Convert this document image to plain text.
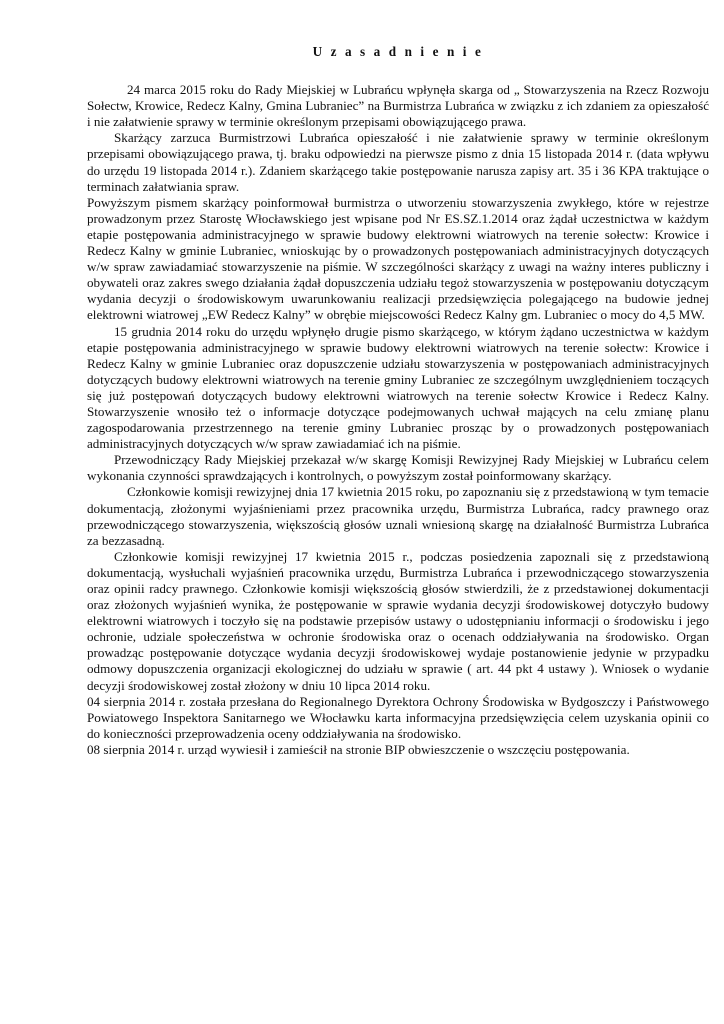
U z a s a d n i e n i e

24 marca 2015 roku do Rady Miejskiej w Lubrańcu wpłynęła skarga od „ Stowarzyszenia na Rzecz Rozwoju Sołectw, Krowice, Redecz Kalny, Gmina Lubraniec” na Burmistrza Lubrańca w związku z ich zdaniem za opieszałość i nie załatwienie sprawy w terminie określonym przepisami obowiązującego prawa.

Skarżący zarzuca Burmistrzowi Lubrańca opieszałość i nie załatwienie sprawy w terminie określonym przepisami obowiązującego prawa, tj. braku odpowiedzi na pierwsze pismo z dnia 15 listopada 2014 r. (data wpływu do urzędu 19 listopada 2014 r.). Zdaniem skarżącego takie postępowanie narusza zapisy art. 35 i 36 KPA traktujące o terminach załatwiania spraw.

Powyższym pismem skarżący poinformował burmistrza o utworzeniu stowarzyszenia zwykłego, które w rejestrze prowadzonym przez Starostę Włocławskiego jest wpisane pod Nr ES.SZ.1.2014 oraz żądał uczestnictwa w każdym etapie postępowania administracyjnego w sprawie budowy elektrowni wiatrowych na terenie sołectw: Krowice i Redecz Kalny w gminie Lubraniec, wnioskując by o prowadzonych postępowaniach administracyjnych dotyczących w/w spraw zawiadamiać stowarzyszenie na piśmie. W szczególności skarżący z uwagi na ważny interes publiczny i obywateli oraz zakres swego działania żądał dopuszczenia udziału tegoż stowarzyszenia w postępowaniu dotyczącym wydania decyzji o środowiskowym uwarunkowaniu realizacji przedsięwzięcia polegającego na budowie jednej elektrowni wiatrowej „EW Redecz Kalny” w obrębie miejscowości Redecz Kalny gm. Lubraniec o mocy do 4,5 MW.

15 grudnia 2014 roku do urzędu wpłynęło drugie pismo skarżącego, w którym żądano uczestnictwa w każdym etapie postępowania administracyjnego w sprawie budowy elektrowni wiatrowych na terenie sołectw: Krowice i Redecz Kalny w gminie Lubraniec oraz dopuszczenie udziału stowarzyszenia w postępowaniach administracyjnych dotyczących budowy elektrowni wiatrowych na terenie gminy Lubraniec ze szczególnym uwzględnieniem toczących się już postępowań dotyczących budowy elektrowni wiatrowych na terenie sołectw Krowice i Redecz Kalny. Stowarzyszenie wnosiło też o informacje dotyczące podejmowanych uchwał mających na celu zmianę planu zagospodarowania przestrzennego na terenie gminy Lubraniec prosząc by o prowadzonych postępowaniach administracyjnych dotyczących w/w spraw zawiadamiać ich na piśmie.

Przewodniczący Rady Miejskiej przekazał w/w skargę Komisji Rewizyjnej Rady Miejskiej w Lubrańcu celem wykonania czynności sprawdzających i kontrolnych, o powyższym został poinformowany skarżący.

Członkowie komisji rewizyjnej dnia 17 kwietnia 2015 roku, po zapoznaniu się z przedstawioną w tym temacie dokumentacją, złożonymi wyjaśnieniami przez pracownika urzędu, Burmistrza Lubrańca, radcy prawnego oraz przewodniczącego stowarzyszenia, większością głosów uznali wniesioną skargę na działalność Burmistrza Lubrańca za bezzasadną.

Członkowie komisji rewizyjnej 17 kwietnia 2015 r., podczas posiedzenia zapoznali się z przedstawioną dokumentacją, wysłuchali wyjaśnień pracownika urzędu, Burmistrza Lubrańca i przewodniczącego stowarzyszenia oraz opinii radcy prawnego. Członkowie komisji większością głosów stwierdzili, że z przedstawionej dokumentacji oraz złożonych wyjaśnień wynika, że postępowanie w sprawie wydania decyzji środowiskowej dotyczyło budowy elektrowni wiatrowych i toczyło się na podstawie przepisów ustawy o udostępnianiu informacji o środowisku i jego ochronie, udziale społeczeństwa w ochronie środowiska oraz o ocenach oddziaływania na środowisko. Organ prowadząc postępowanie dotyczące wydania decyzji środowiskowej wydaje postanowienie jedynie w przypadku odmowy dopuszczenia organizacji ekologicznej do udziału w sprawie ( art. 44 pkt 4 ustawy ). Wniosek o wydanie decyzji środowiskowej został złożony w dniu 10 lipca 2014 roku.

04 sierpnia 2014 r. została przesłana do Regionalnego Dyrektora Ochrony Środowiska w Bydgoszczy i Państwowego Powiatowego Inspektora Sanitarnego we Włocławku karta informacyjna przedsięwzięcia celem uzyskania opinii co do konieczności przeprowadzenia oceny oddziaływania na środowisko.

08 sierpnia 2014 r. urząd wywiesił i zamieścił na stronie BIP obwieszczenie o wszczęciu postępowania.
